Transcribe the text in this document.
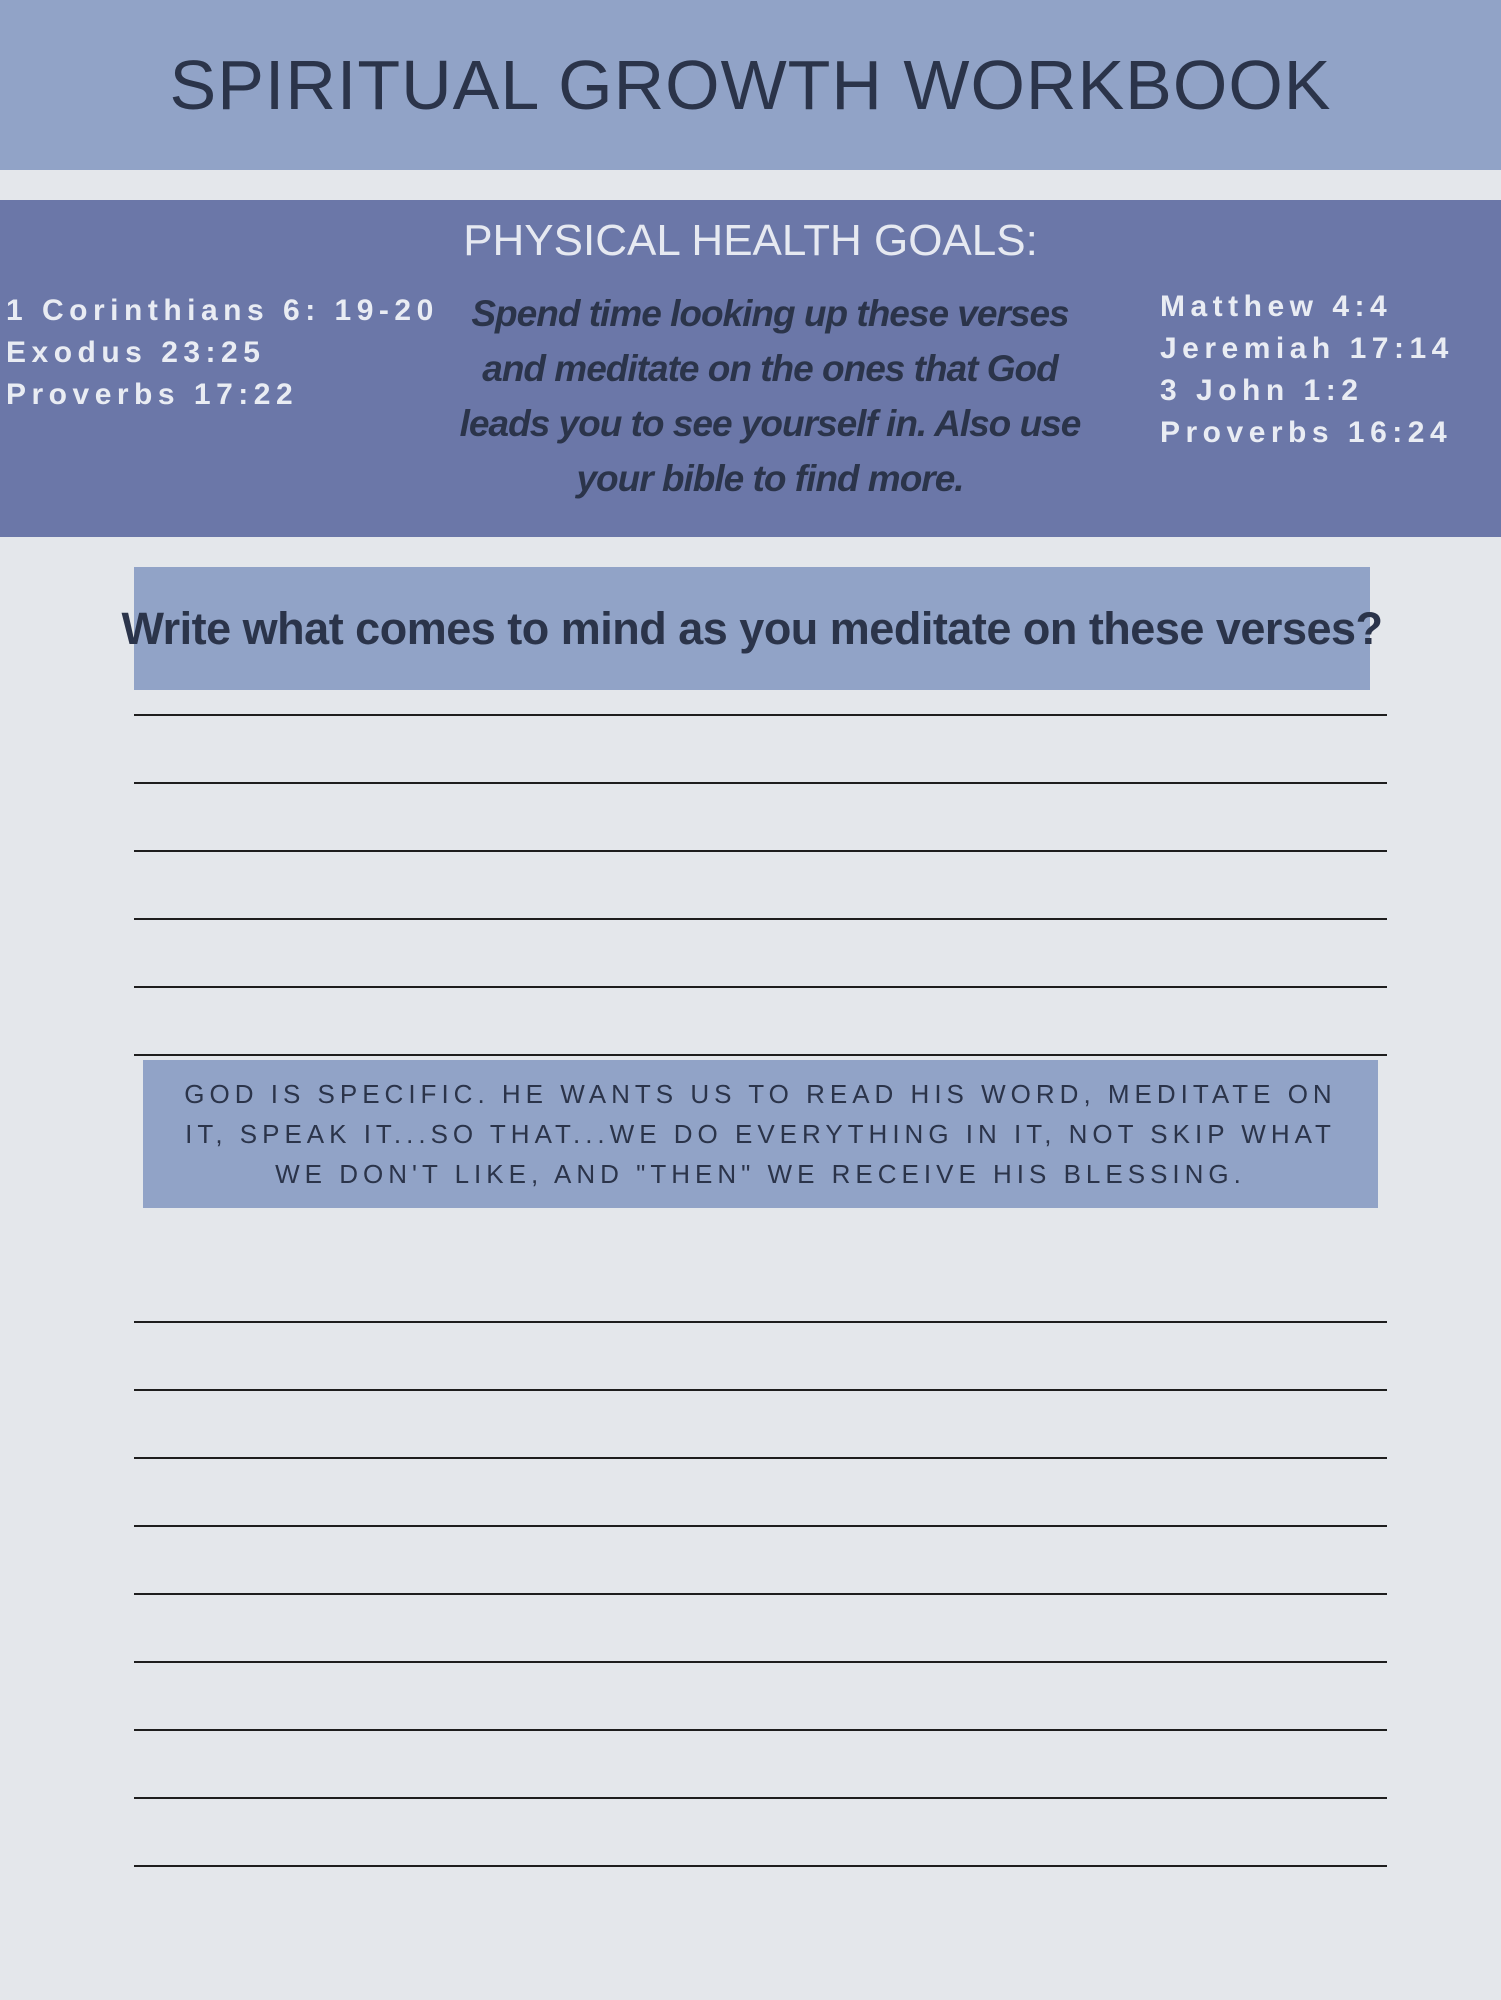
SPIRITUAL GROWTH WORKBOOK
PHYSICAL HEALTH GOALS:
1 Corinthians 6: 19-20
Exodus 23:25
Proverbs 17:22
Spend time looking up these verses and meditate on the ones that God leads you to see yourself in. Also use your bible to find more.
Matthew 4:4
Jeremiah 17:14
3 John 1:2
Proverbs 16:24
Write what comes to mind as you meditate on these verses?

GOD IS SPECIFIC. HE WANTS US TO READ HIS WORD, MEDITATE ON IT, SPEAK IT...SO THAT...WE DO EVERYTHING IN IT, NOT SKIP WHAT WE DON'T LIKE, AND "THEN" WE RECEIVE HIS BLESSING.
